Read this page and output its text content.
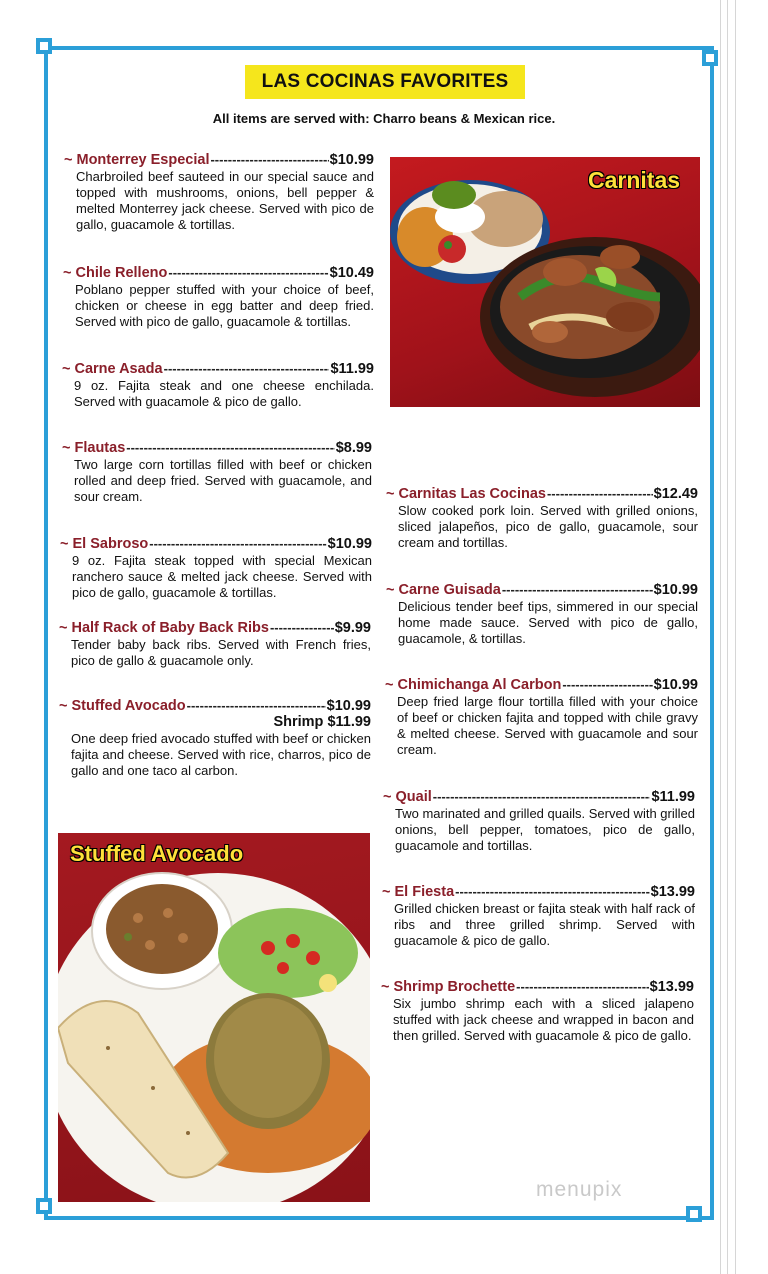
LAS COCINAS FAVORITES
All items are served with: Charro beans & Mexican rice.
~ Monterrey Especial -----	$10.99
Charbroiled beef sauteed in our special sauce and topped with mushrooms, onions, bell pepper & melted Monterrey jack cheese. Served with pico de gallo, guacamole & tortillas.
~ Chile Relleno -----	$10.49
Poblano pepper stuffed with your choice of beef, chicken or cheese in egg batter and deep fried. Served with pico de gallo, guacamole & tortillas.
~ Carne Asada -----	$11.99
9 oz. Fajita steak and one cheese enchilada. Served with guacamole & pico de gallo.
~ Flautas -----	$8.99
Two large corn tortillas filled with beef or chicken rolled and deep fried. Served with guacamole, and sour cream.
~ El Sabroso -----	$10.99
9 oz. Fajita steak topped with special Mexican ranchero sauce & melted jack cheese. Served with pico de gallo, guacamole & tortillas.
~ Half Rack of Baby Back Ribs -----	$9.99
Tender baby back ribs. Served with French fries, pico de gallo & guacamole only.
~ Stuffed Avocado -----	$10.99
Shrimp $11.99
One deep fried avocado stuffed with beef or chicken fajita and cheese. Served with rice, charros, pico de gallo and one taco al carbon.
~ Carnitas Las Cocinas -----	$12.49
Slow cooked pork loin. Served with grilled onions, sliced jalapeños, pico de gallo, guacamole, sour cream and tortillas.
~ Carne Guisada -----	$10.99
Delicious tender beef tips, simmered in our special home made sauce. Served with pico de gallo, guacamole, & tortillas.
~ Chimichanga Al Carbon -----	$10.99
Deep fried large flour tortilla filled with your choice of beef or chicken fajita and topped with chile gravy & melted cheese. Served with guacamole and sour cream.
~ Quail -----	$11.99
Two marinated and grilled quails. Served with grilled onions, bell pepper, tomatoes, pico de gallo, guacamole and tortillas.
~ El Fiesta -----	$13.99
Grilled chicken breast or fajita steak with half rack of ribs and three grilled shrimp. Served with guacamole & pico de gallo.
~ Shrimp Brochette -----	$13.99
Six jumbo shrimp each with a sliced jalapeno stuffed with jack cheese and wrapped in bacon and then grilled. Served with guacamole & pico de gallo.
Carnitas
Stuffed Avocado
menupix
